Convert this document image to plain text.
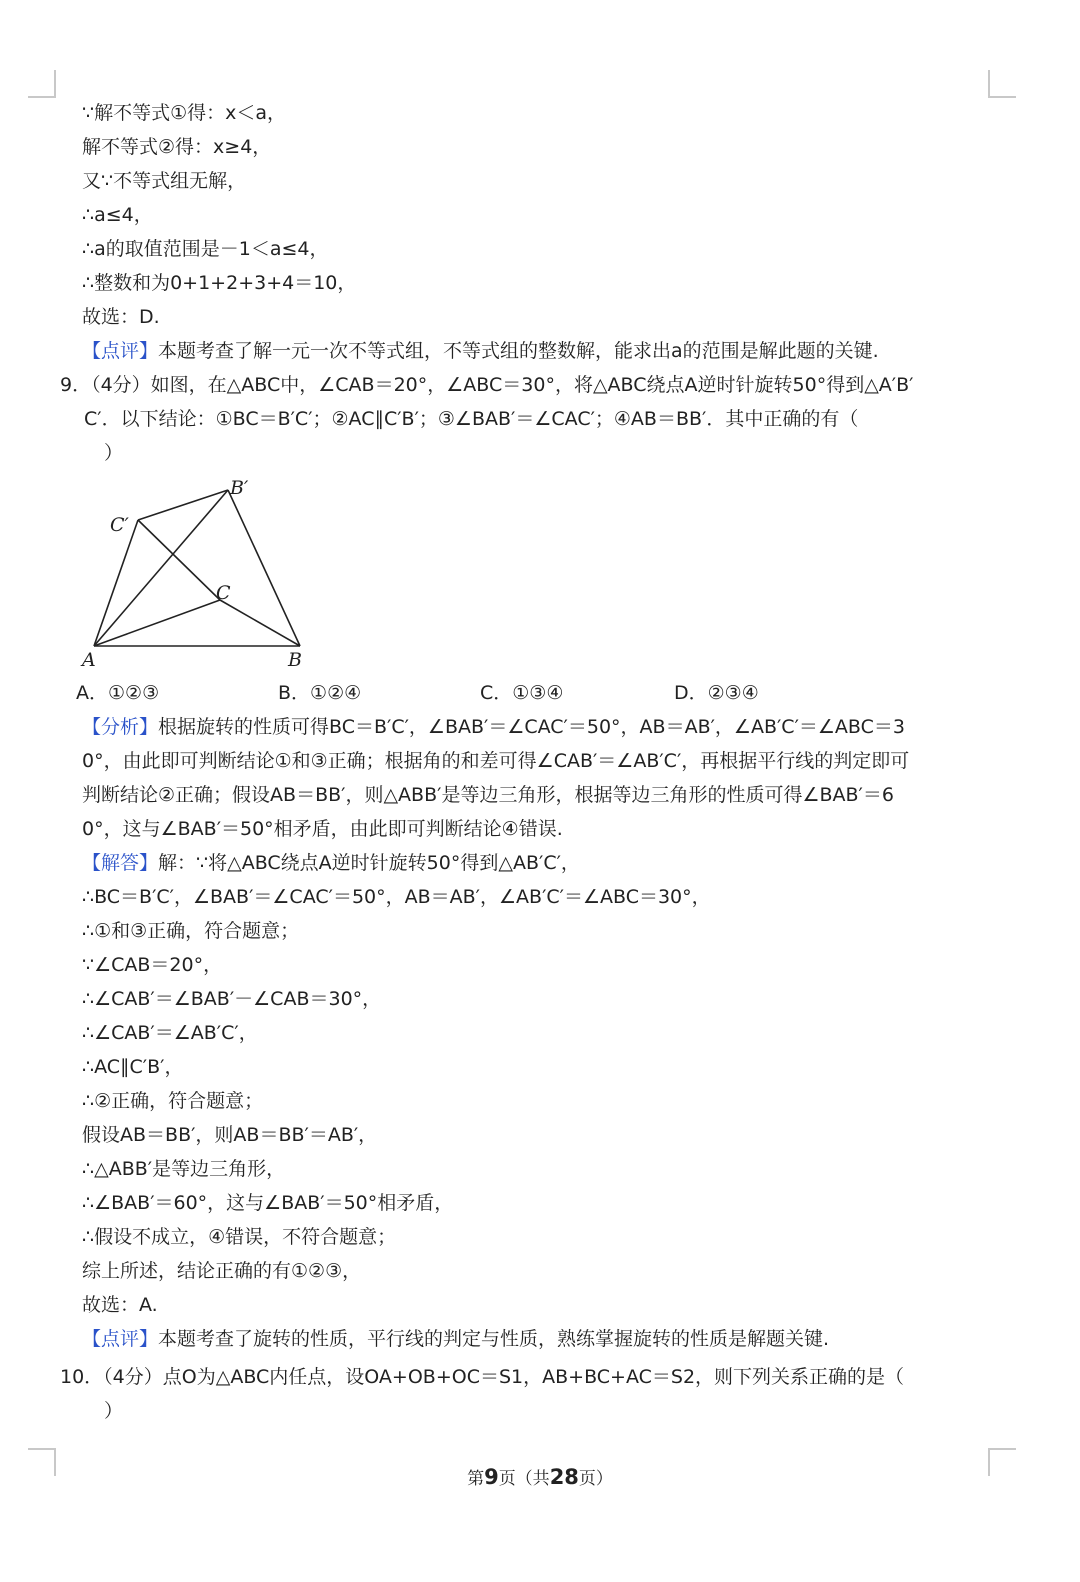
∵解不等式①得：x＜a，
解不等式②得：x≥4，
又∵不等式组无解，
∴a≤4，
∴a的取值范围是－1＜a≤4，
∴整数和为0+1+2+3+4＝10，
故选：D.
【点评】本题考查了解一元一次不等式组，不等式组的整数解，能求出a的范围是解此题的关键.
9．（4分）如图，在△ABC中，∠CAB＝20°，∠ABC＝30°，将△ABC绕点A逆时针旋转50°得到△A′B′
C′．以下结论：①BC＝B′C′；②AC∥C′B′；③∠BAB′＝∠CAC′；④AB＝BB′．其中正确的有（
）
A	B
C
B′
C′
A．①②③	B．①②④	C．①③④	D．②③④
【分析】根据旋转的性质可得BC＝B′C′，∠BAB′＝∠CAC′＝50°，AB＝AB′，∠AB′C′＝∠ABC＝3
0°，由此即可判断结论①和③正确；根据角的和差可得∠CAB′＝∠AB′C′，再根据平行线的判定即可
判断结论②正确；假设AB＝BB′，则△ABB′是等边三角形，根据等边三角形的性质可得∠BAB′＝6
0°，这与∠BAB′＝50°相矛盾，由此即可判断结论④错误.
【解答】解：∵将△ABC绕点A逆时针旋转50°得到△AB′C′，
∴BC＝B′C′，∠BAB′＝∠CAC′＝50°，AB＝AB′，∠AB′C′＝∠ABC＝30°，
∴①和③正确，符合题意；
∵∠CAB＝20°，
∴∠CAB′＝∠BAB′－∠CAB＝30°，
∴∠CAB′＝∠AB′C′，
∴AC∥C′B′，
∴②正确，符合题意；
假设AB＝BB′，则AB＝BB′＝AB′，
∴△ABB′是等边三角形，
∴∠BAB′＝60°，这与∠BAB′＝50°相矛盾，
∴假设不成立，④错误，不符合题意；
综上所述，结论正确的有①②③，
故选：A.
【点评】本题考查了旋转的性质，平行线的判定与性质，熟练掌握旋转的性质是解题关键.
10．（4分）点O为△ABC内任点，设OA+OB+OC＝S1，AB+BC+AC＝S2，则下列关系正确的是（
）
第9页（共28页）
